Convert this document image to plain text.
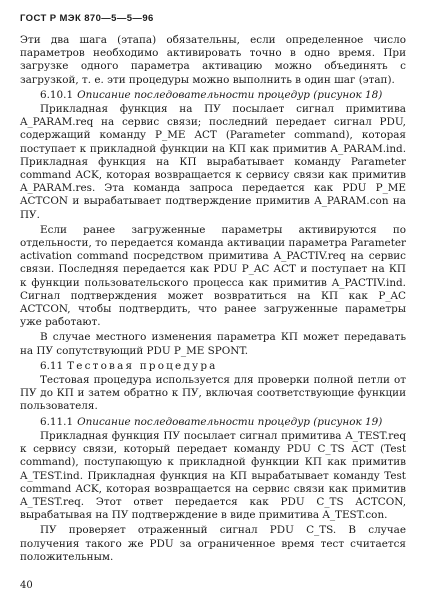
ГОСТ Р МЭК 870—5—5—96

Эти два шага (этапа) обязательны, если определенное число параметров необходимо активировать точно в одно время. При загрузке одного параметра активацию можно объединять с загрузкой, т. е. эти процедуры можно выполнить в один шаг (этап).

6.10.1 Описание последовательности процедур (рисунок 18)

Прикладная функция на ПУ посылает сигнал примитива A_PARAM.req на сервис связи; последний передает сигнал PDU, содержащий команду P_ME ACT (Parameter command), которая поступает к прикладной функции на КП как примитив A_PARAM.ind. Прикладная функция на КП вырабатывает команду Parameter command ACK, которая возвращается к сервису связи как примитив A_PARAM.res. Эта команда запроса передается как PDU P_ME ACTCON и вырабатывает подтверждение примитив A_PARAM.con на ПУ.

Если ранее загруженные параметры активируются по отдельности, то передается команда активации параметра Parameter activation command посредством примитива A_PACTIV.req на сервис связи. Последняя передается как PDU P_AC ACT и поступает на КП к функции пользовательского процесса как примитив A_PACTIV.ind. Сигнал подтверждения может возвратиться на КП как P_AC ACTCON, чтобы подтвердить, что ранее загруженные параметры уже работают.

В случае местного изменения параметра КП может передавать на ПУ сопутствующий PDU P_ME SPONT.

6.11 Тестовая процедура

Тестовая процедура используется для проверки полной петли от ПУ до КП и затем обратно к ПУ, включая соответствующие функции пользователя.

6.11.1 Описание последовательности процедур (рисунок 19)

Прикладная функция ПУ посылает сигнал примитива A_TEST.req к сервису связи, который передает команду PDU C_TS ACT (Test command), поступающую к прикладной функции КП как примитив A_TEST.ind. Прикладная функция на КП вырабатывает команду Test command ACK, которая возвращается на сервис связи как примитив A_TEST.req. Этот ответ передается как PDU C_TS ACTCON, вырабатывая на ПУ подтверждение в виде примитива A_TEST.con.

ПУ проверяет отраженный сигнал PDU C_TS. В случае получения такого же PDU за ограниченное время тест считается положительным.

40
